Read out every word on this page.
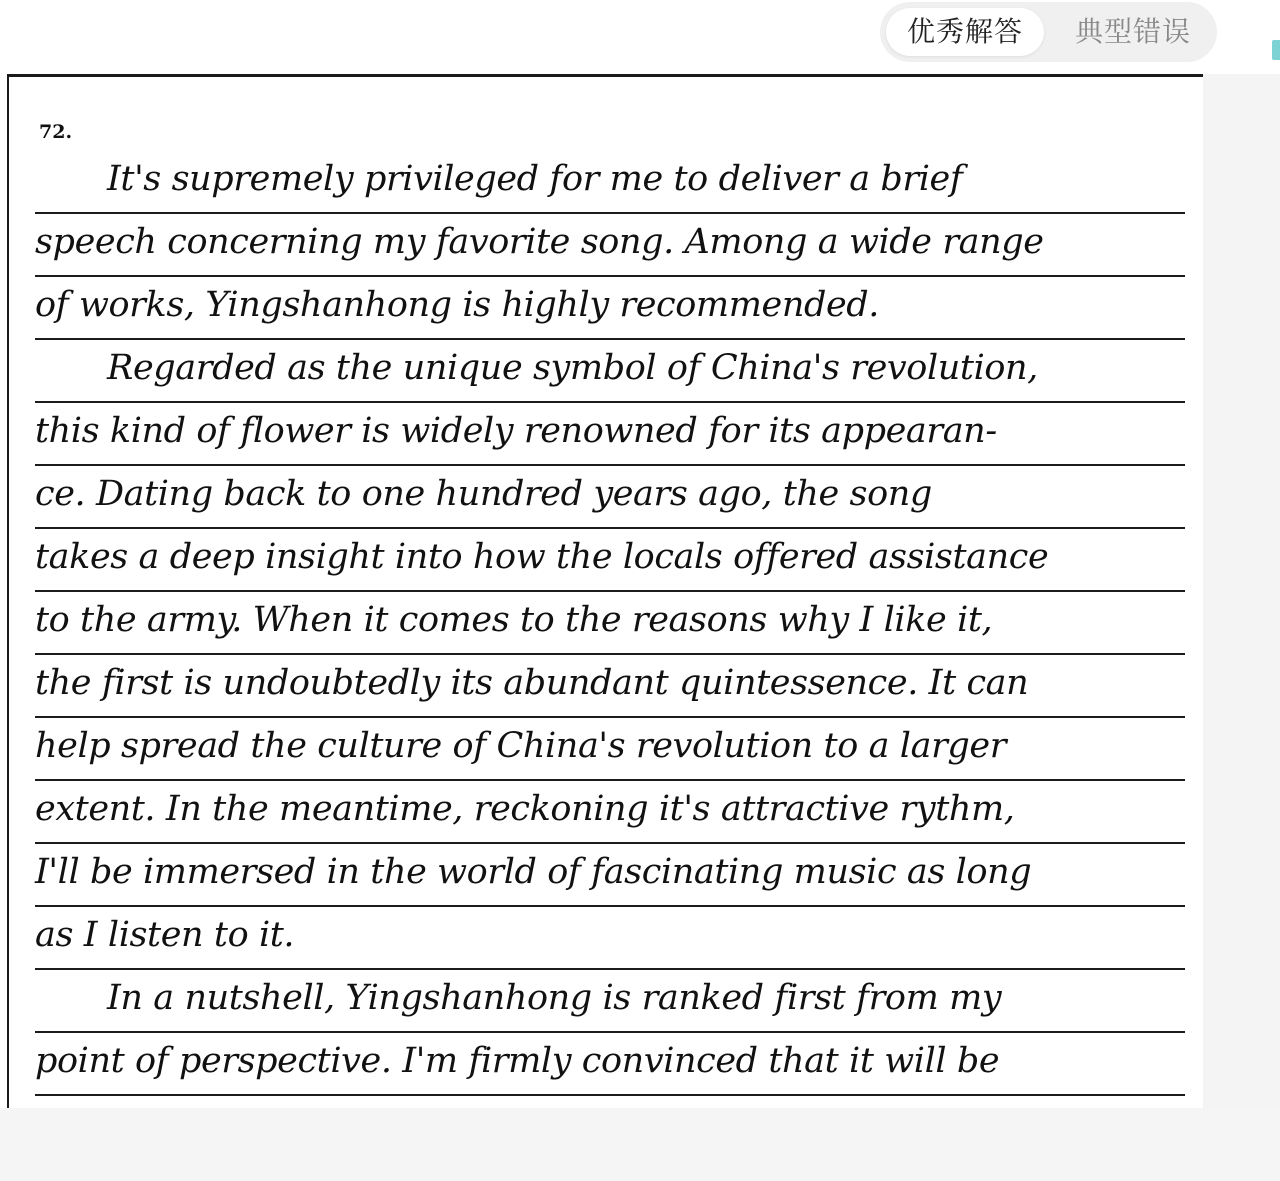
优秀解答	典型错误
72.
It's supremely privileged for me to deliver a brief
speech concerning my favorite song. Among a wide range
of works, Yingshanhong is highly recommended.
Regarded as the unique symbol of China's revolution,
this kind of flower is widely renowned for its appearan-
ce. Dating back to one hundred years ago, the song
takes a deep insight into how the locals offered assistance
to the army. When it comes to the reasons why I like it,
the first is undoubtedly its abundant quintessence. It can
help spread the culture of China's revolution to a larger
extent. In the meantime, reckoning it's attractive rythm,
I'll be immersed in the world of fascinating music as long
as I listen to it.
In a nutshell, Yingshanhong is ranked first from my
point of perspective. I'm firmly convinced that it will be
